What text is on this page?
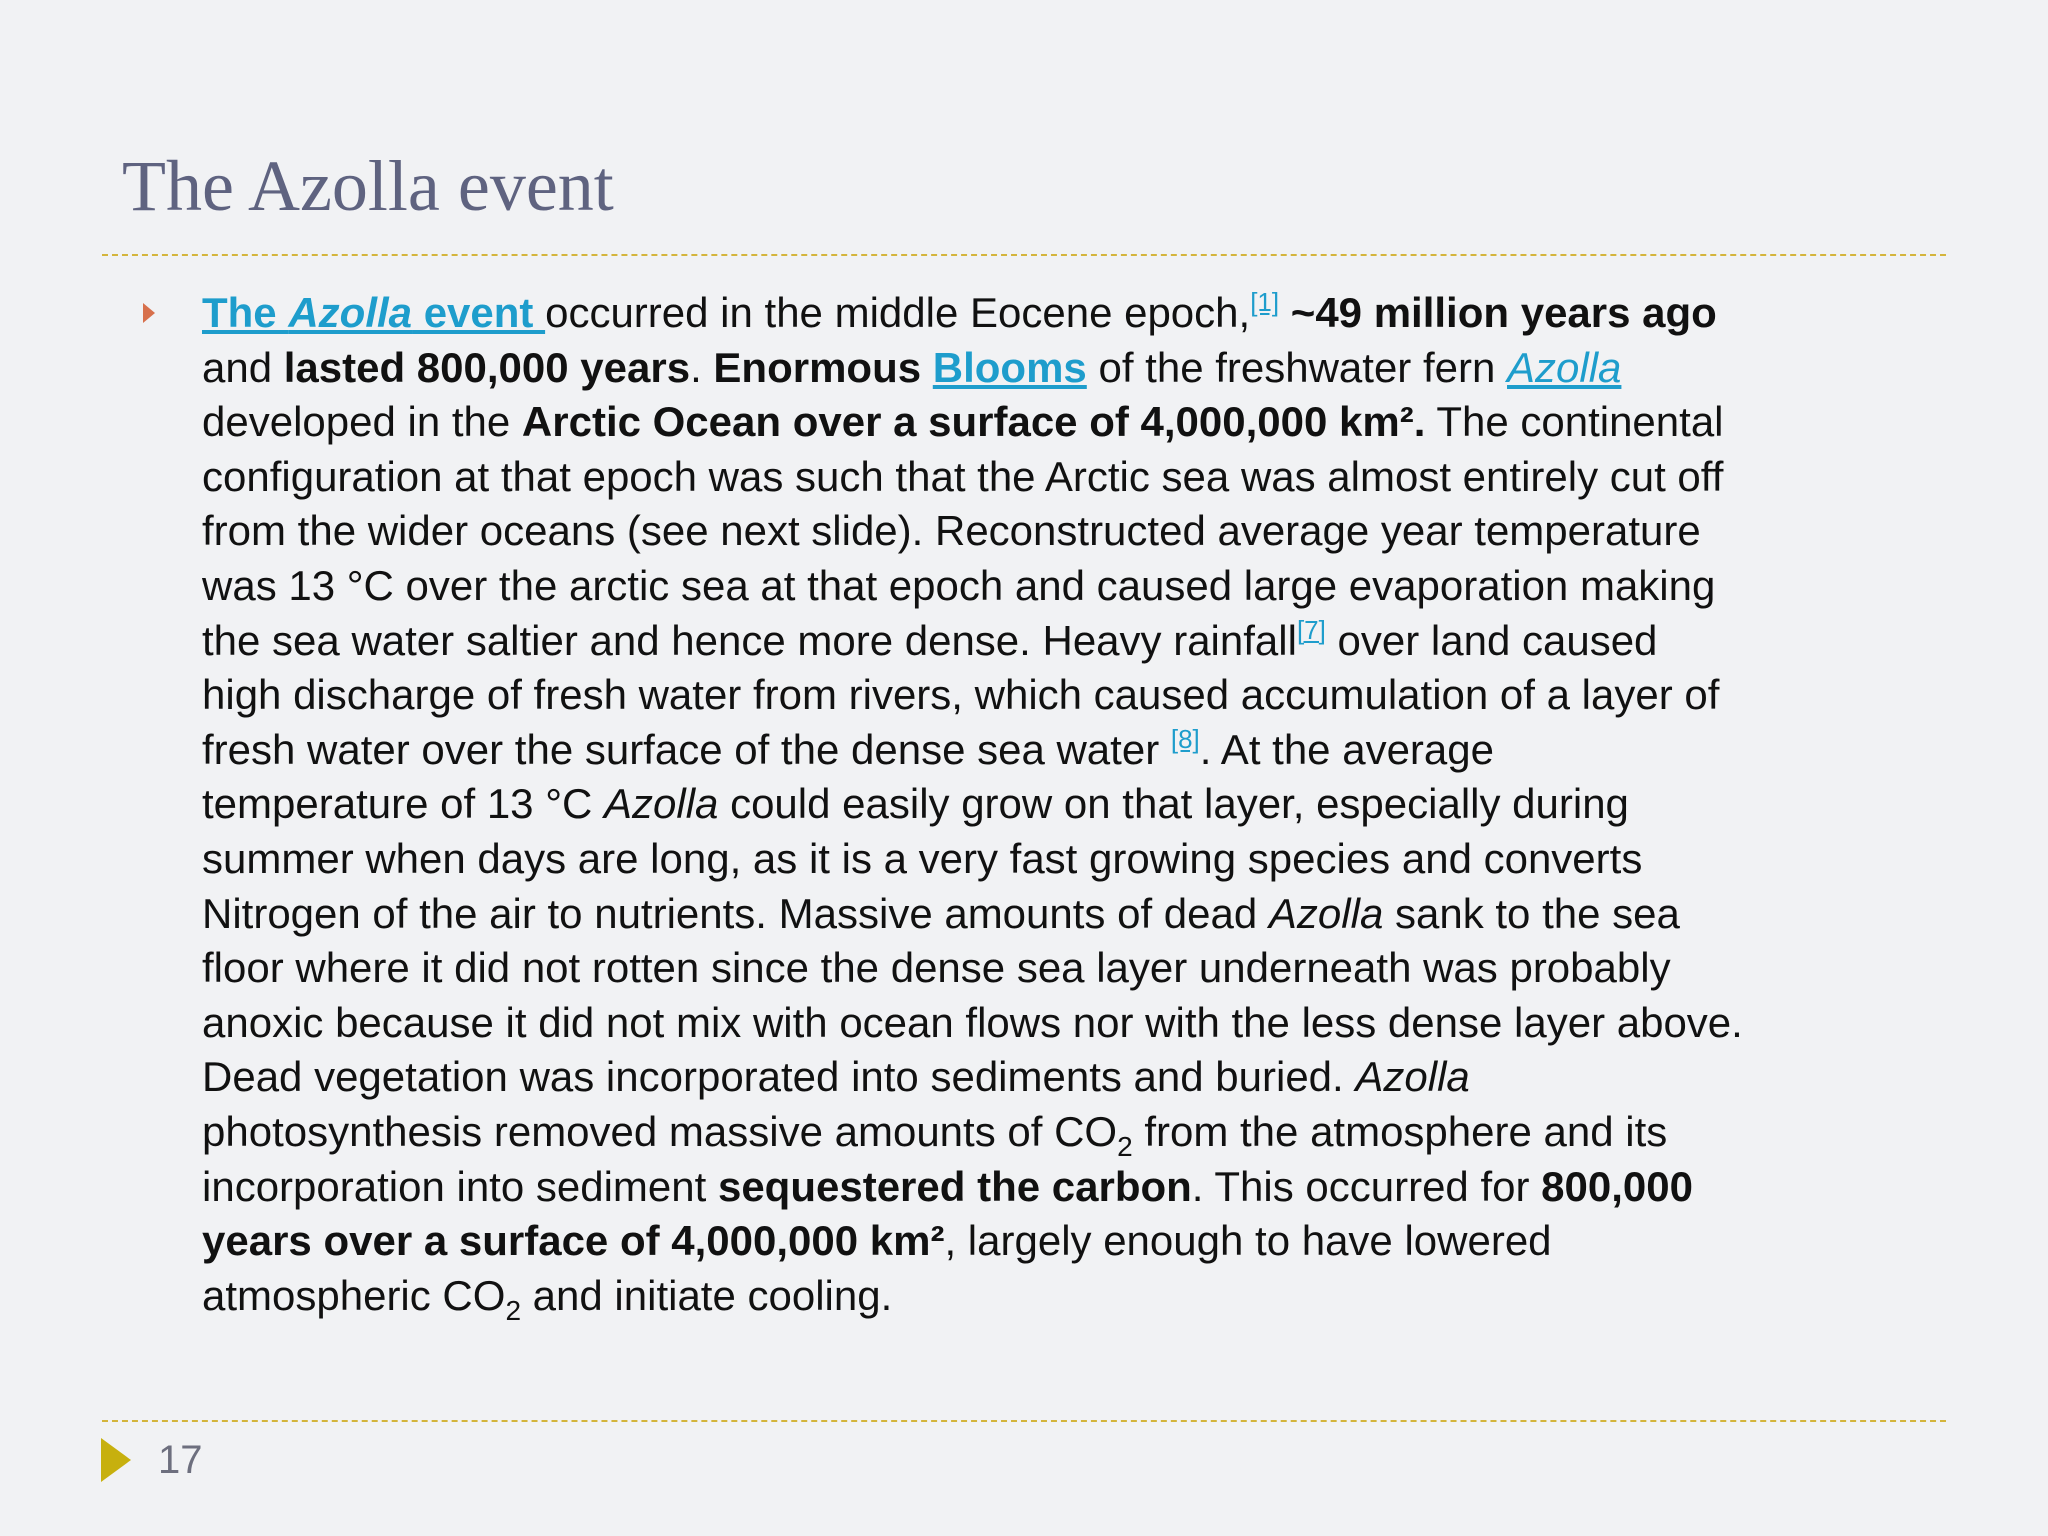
The Azolla event
The Azolla event occurred in the middle Eocene epoch,[1] ~49 million years ago
and lasted 800,000 years. Enormous Blooms of the freshwater fern Azolla
developed in the Arctic Ocean over a surface of 4,000,000 km². The continental
configuration at that epoch was such that the Arctic sea was almost entirely cut off
from the wider oceans (see next slide). Reconstructed average year temperature
was 13 °C over the arctic sea at that epoch and caused large evaporation making
the sea water saltier and hence more dense. Heavy rainfall[7] over land caused
high discharge of fresh water from rivers, which caused accumulation of a layer of
fresh water over the surface of the dense sea water [8]. At the average
temperature of 13 °C Azolla could easily grow on that layer, especially during
summer when days are long, as it is a very fast growing species and converts
Nitrogen of the air to nutrients. Massive amounts of dead Azolla sank to the sea
floor where it did not rotten since the dense sea layer underneath was probably
anoxic because it did not mix with ocean flows nor with the less dense layer above.
Dead vegetation was incorporated into sediments and buried. Azolla
photosynthesis removed massive amounts of $CO_2$ from the atmosphere and its
incorporation into sediment sequestered the carbon. This occurred for 800,000
years over a surface of 4,000,000 km², largely enough to have lowered
atmospheric $CO_2$ and initiate cooling.
17
